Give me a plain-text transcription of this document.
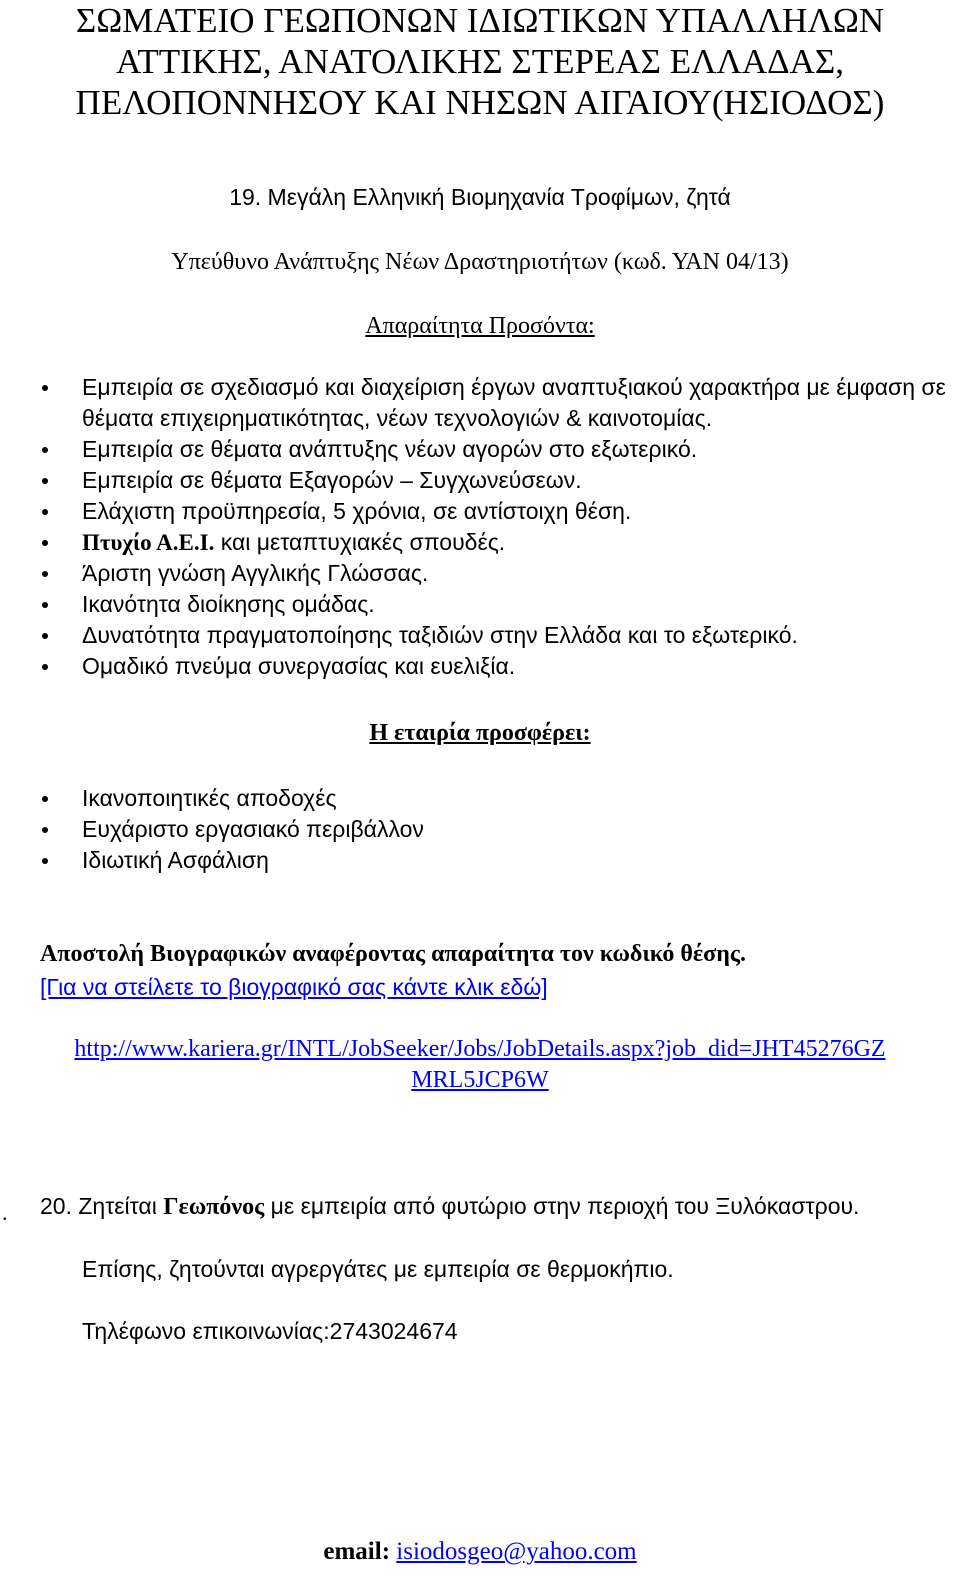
ΣΩΜΑΤΕΙΟ ΓΕΩΠΟΝΩΝ ΙΔΙΩΤΙΚΩΝ ΥΠΑΛΛΗΛΩΝ
ΑΤΤΙΚΗΣ, ΑΝΑΤΟΛΙΚΗΣ ΣΤΕΡΕΑΣ ΕΛΛΑΔΑΣ,
ΠΕΛΟΠΟΝΝΗΣΟΥ ΚΑΙ ΝΗΣΩΝ ΑΙΓΑΙΟΥ(ΗΣΙΟΔΟΣ)
19. Μεγάλη Ελληνική Βιομηχανία Τροφίμων, ζητά
Υπεύθυνο Ανάπτυξης Νέων Δραστηριοτήτων (κωδ. ΥΑΝ 04/13)
Απαραίτητα Προσόντα:
Εμπειρία σε σχεδιασμό και διαχείριση έργων αναπτυξιακού χαρακτήρα με έμφαση σε θέματα επιχειρηματικότητας, νέων τεχνολογιών & καινοτομίας.
Εμπειρία σε θέματα ανάπτυξης νέων αγορών στο εξωτερικό.
Εμπειρία σε θέματα Εξαγορών – Συγχωνεύσεων.
Ελάχιστη προϋπηρεσία, 5 χρόνια, σε αντίστοιχη θέση.
Πτυχίο Α.Ε.Ι. και μεταπτυχιακές σπουδές.
Άριστη γνώση Αγγλικής Γλώσσας.
Ικανότητα διοίκησης ομάδας.
Δυνατότητα πραγματοποίησης ταξιδιών στην Ελλάδα και το εξωτερικό.
Ομαδικό πνεύμα συνεργασίας και ευελιξία.
Η εταιρία προσφέρει:
Ικανοποιητικές αποδοχές
Ευχάριστο εργασιακό περιβάλλον
Ιδιωτική Ασφάλιση
Αποστολή Βιογραφικών αναφέροντας απαραίτητα τον κωδικό θέσης.
[Για να στείλετε το βιογραφικό σας κάντε κλικ εδώ]
http://www.kariera.gr/INTL/JobSeeker/Jobs/JobDetails.aspx?job_did=JHT45276GZ
MRL5JCP6W
. 20. Ζητείται Γεωπόνος με εμπειρία από φυτώριο στην περιοχή του Ξυλόκαστρου.
Επίσης, ζητούνται αγρεργάτες με εμπειρία σε θερμοκήπιο.
Τηλέφωνο επικοινωνίας:2743024674
email: isiodosgeo@yahoo.com
